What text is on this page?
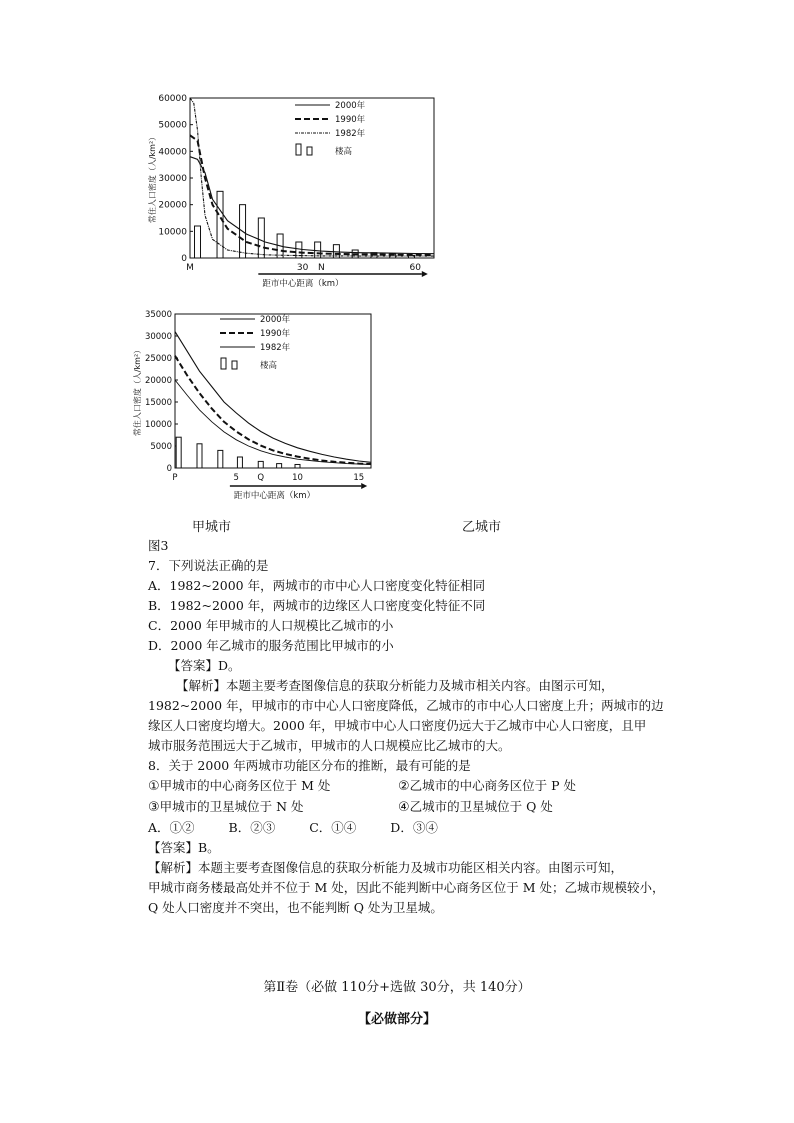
0
10000
20000
30000
40000
50000
60000
常住人口密度（人/km²）
M	30 N	60
2000年
1990年
1982年
楼高
距市中心距离（km）
0
5000
10000
15000
20000
25000
30000
35000
常住人口密度（人/km²）
P	5 Q	10	15
2000年
1990年
1982年
楼高
距市中心距离（km）
甲城市	乙城市
图3
7．下列说法正确的是
A．1982~2000 年，两城市的市中心人口密度变化特征相同
B．1982~2000 年，两城市的边缘区人口密度变化特征不同
C．2000 年甲城市的人口规模比乙城市的小
D．2000 年乙城市的服务范围比甲城市的小
【答案】D。
【解析】本题主要考查图像信息的获取分析能力及城市相关内容。由图示可知，
1982~2000 年，甲城市的市中心人口密度降低，乙城市的市中心人口密度上升；两城市的边
缘区人口密度均增大。2000 年，甲城市中心人口密度仍远大于乙城市中心人口密度，且甲
城市服务范围远大于乙城市，甲城市的人口规模应比乙城市的大。
8．关于 2000 年两城市功能区分布的推断，最有可能的是
①甲城市的中心商务区位于 M 处	②乙城市的中心商务区位于 P 处
③甲城市的卫星城位于 N 处	④乙城市的卫星城位于 Q 处
A．①②	B．②③	C．①④	D．③④
【答案】B。
【解析】本题主要考查图像信息的获取分析能力及城市功能区相关内容。由图示可知，
甲城市商务楼最高处并不位于 M 处，因此不能判断中心商务区位于 M 处；乙城市规模较小，
Q 处人口密度并不突出，也不能判断 Q 处为卫星城。
第Ⅱ卷（必做 110分+选做 30分，共 140分）
【必做部分】
